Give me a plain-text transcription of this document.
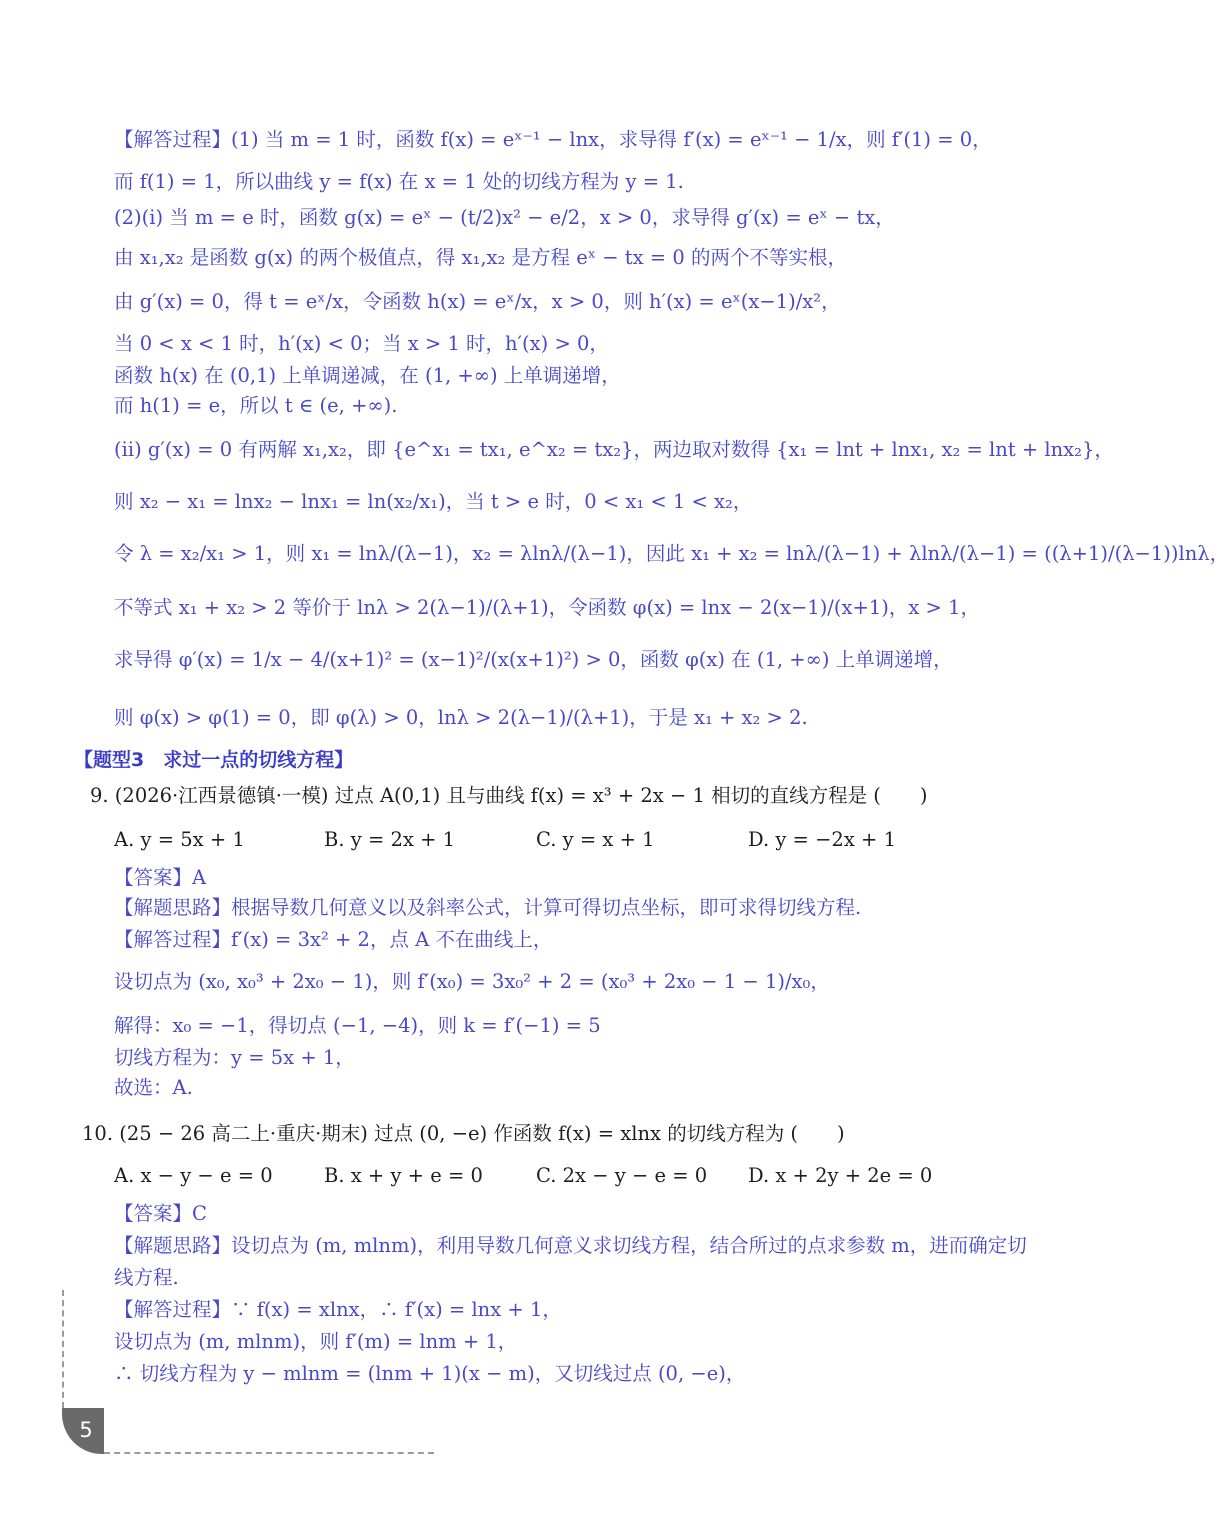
【解答过程】(1) 当 m = 1 时，函数 f(x) = eˣ⁻¹ − lnx，求导得 f′(x) = eˣ⁻¹ − 1/x，则 f′(1) = 0，
而 f(1) = 1，所以曲线 y = f(x) 在 x = 1 处的切线方程为 y = 1.
(2)(ⅰ) 当 m = e 时，函数 g(x) = eˣ − (t/2)x² − e/2，x > 0，求导得 g′(x) = eˣ − tx，
由 x₁,x₂ 是函数 g(x) 的两个极值点，得 x₁,x₂ 是方程 eˣ − tx = 0 的两个不等实根，
由 g′(x) = 0，得 t = eˣ/x，令函数 h(x) = eˣ/x，x > 0，则 h′(x) = eˣ(x−1)/x²，
当 0 < x < 1 时，h′(x) < 0；当 x > 1 时，h′(x) > 0，
函数 h(x) 在 (0,1) 上单调递减，在 (1, +∞) 上单调递增，
而 h(1) = e，所以 t ∈ (e, +∞).
(ⅱ) g′(x) = 0 有两解 x₁,x₂，即 {e^x₁ = tx₁, e^x₂ = tx₂}，两边取对数得 {x₁ = lnt + lnx₁, x₂ = lnt + lnx₂}，
则 x₂ − x₁ = lnx₂ − lnx₁ = ln(x₂/x₁)，当 t > e 时，0 < x₁ < 1 < x₂，
令 λ = x₂/x₁ > 1，则 x₁ = lnλ/(λ−1)，x₂ = λlnλ/(λ−1)，因此 x₁ + x₂ = lnλ/(λ−1) + λlnλ/(λ−1) = ((λ+1)/(λ−1))lnλ，
不等式 x₁ + x₂ > 2 等价于 lnλ > 2(λ−1)/(λ+1)，令函数 φ(x) = lnx − 2(x−1)/(x+1)，x > 1，
求导得 φ′(x) = 1/x − 4/(x+1)² = (x−1)²/(x(x+1)²) > 0，函数 φ(x) 在 (1, +∞) 上单调递增，
则 φ(x) > φ(1) = 0，即 φ(λ) > 0，lnλ > 2(λ−1)/(λ+1)，于是 x₁ + x₂ > 2.
【题型3　求过一点的切线方程】
9. (2026·江西景德镇·一模) 过点 A(0,1) 且与曲线 f(x) = x³ + 2x − 1 相切的直线方程是 (　　)
A. y = 5x + 1	B. y = 2x + 1	C. y = x + 1	D. y = −2x + 1
【答案】A
【解题思路】根据导数几何意义以及斜率公式，计算可得切点坐标，即可求得切线方程.
【解答过程】f′(x) = 3x² + 2，点 A 不在曲线上，
设切点为 (x₀, x₀³ + 2x₀ − 1)，则 f′(x₀) = 3x₀² + 2 = (x₀³ + 2x₀ − 1 − 1)/x₀，
解得：x₀ = −1，得切点 (−1, −4)，则 k = f′(−1) = 5
切线方程为：y = 5x + 1，
故选：A.
10. (25 − 26 高二上·重庆·期末) 过点 (0, −e) 作函数 f(x) = xlnx 的切线方程为 (　　)
A. x − y − e = 0	B. x + y + e = 0	C. 2x − y − e = 0 D. x + 2y + 2e = 0
【答案】C
【解题思路】设切点为 (m, mlnm)，利用导数几何意义求切线方程，结合所过的点求参数 m，进而确定切
线方程.
【解答过程】∵ f(x) = xlnx，∴ f′(x) = lnx + 1，
设切点为 (m, mlnm)，则 f′(m) = lnm + 1，
∴ 切线方程为 y − mlnm = (lnm + 1)(x − m)，又切线过点 (0, −e)，
5
